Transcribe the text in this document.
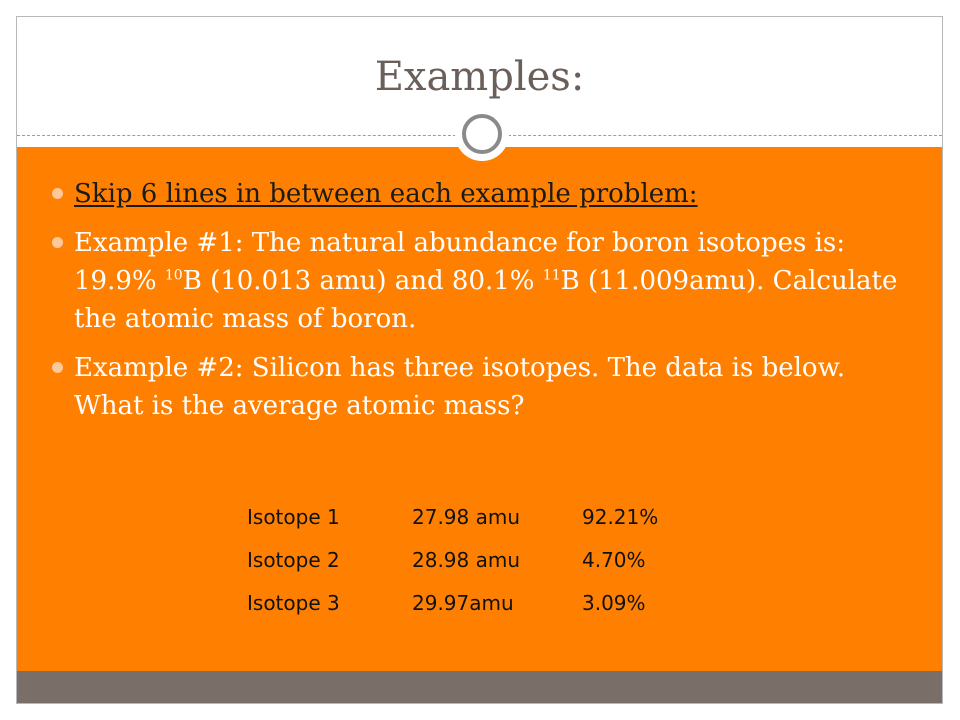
Examples:
Skip 6 lines in between each example problem:
Example #1: The natural abundance for boron isotopes is: 19.9% $^{10}$B (10.013 amu) and 80.1% $^{11}$B (11.009amu). Calculate the atomic mass of boron.
Example #2: Silicon has three isotopes. The data is below. What is the average atomic mass?
Isotope 1	27.98 amu	92.21%
Isotope 2	28.98 amu	4.70%
Isotope 3	29.97amu	3.09%
